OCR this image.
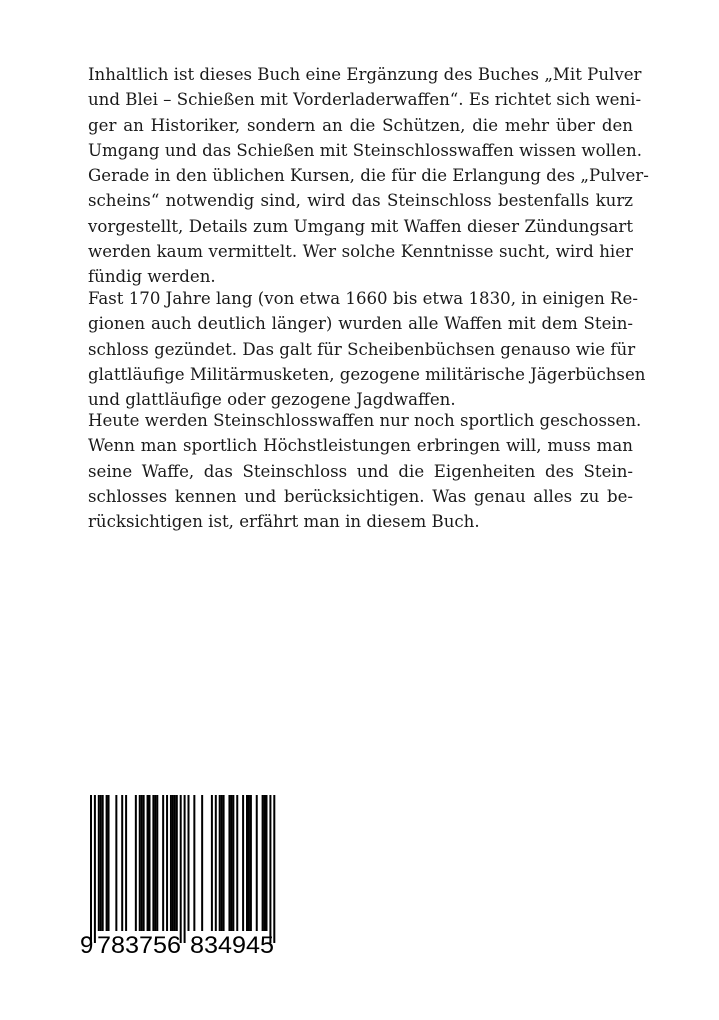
Inhaltlich ist dieses Buch eine Ergänzung des Buches „Mit Pulver
und Blei – Schießen mit Vorderladerwaffen“. Es richtet sich weni-
ger an Historiker, sondern an die Schützen, die mehr über den
Umgang und das Schießen mit Steinschlosswaffen wissen wollen.
Gerade in den üblichen Kursen, die für die Erlangung des „Pulver-
scheins“ notwendig sind, wird das Steinschloss bestenfalls kurz
vorgestellt, Details zum Umgang mit Waffen dieser Zündungsart
werden kaum vermittelt. Wer solche Kenntnisse sucht, wird hier
fündig werden.
Fast 170 Jahre lang (von etwa 1660 bis etwa 1830, in einigen Re-
gionen auch deutlich länger) wurden alle Waffen mit dem Stein-
schloss gezündet. Das galt für Scheibenbüchsen genauso wie für
glattläufige Militärmusketen, gezogene militärische Jägerbüchsen
und glattläufige oder gezogene Jagdwaffen.
Heute werden Steinschlosswaffen nur noch sportlich geschossen.
Wenn man sportlich Höchstleistungen erbringen will, muss man
seine Waffe, das Steinschloss und die Eigenheiten des Stein-
schlosses kennen und berücksichtigen. Was genau alles zu be-
rücksichtigen ist, erfährt man in diesem Buch.
9 783756 834945
